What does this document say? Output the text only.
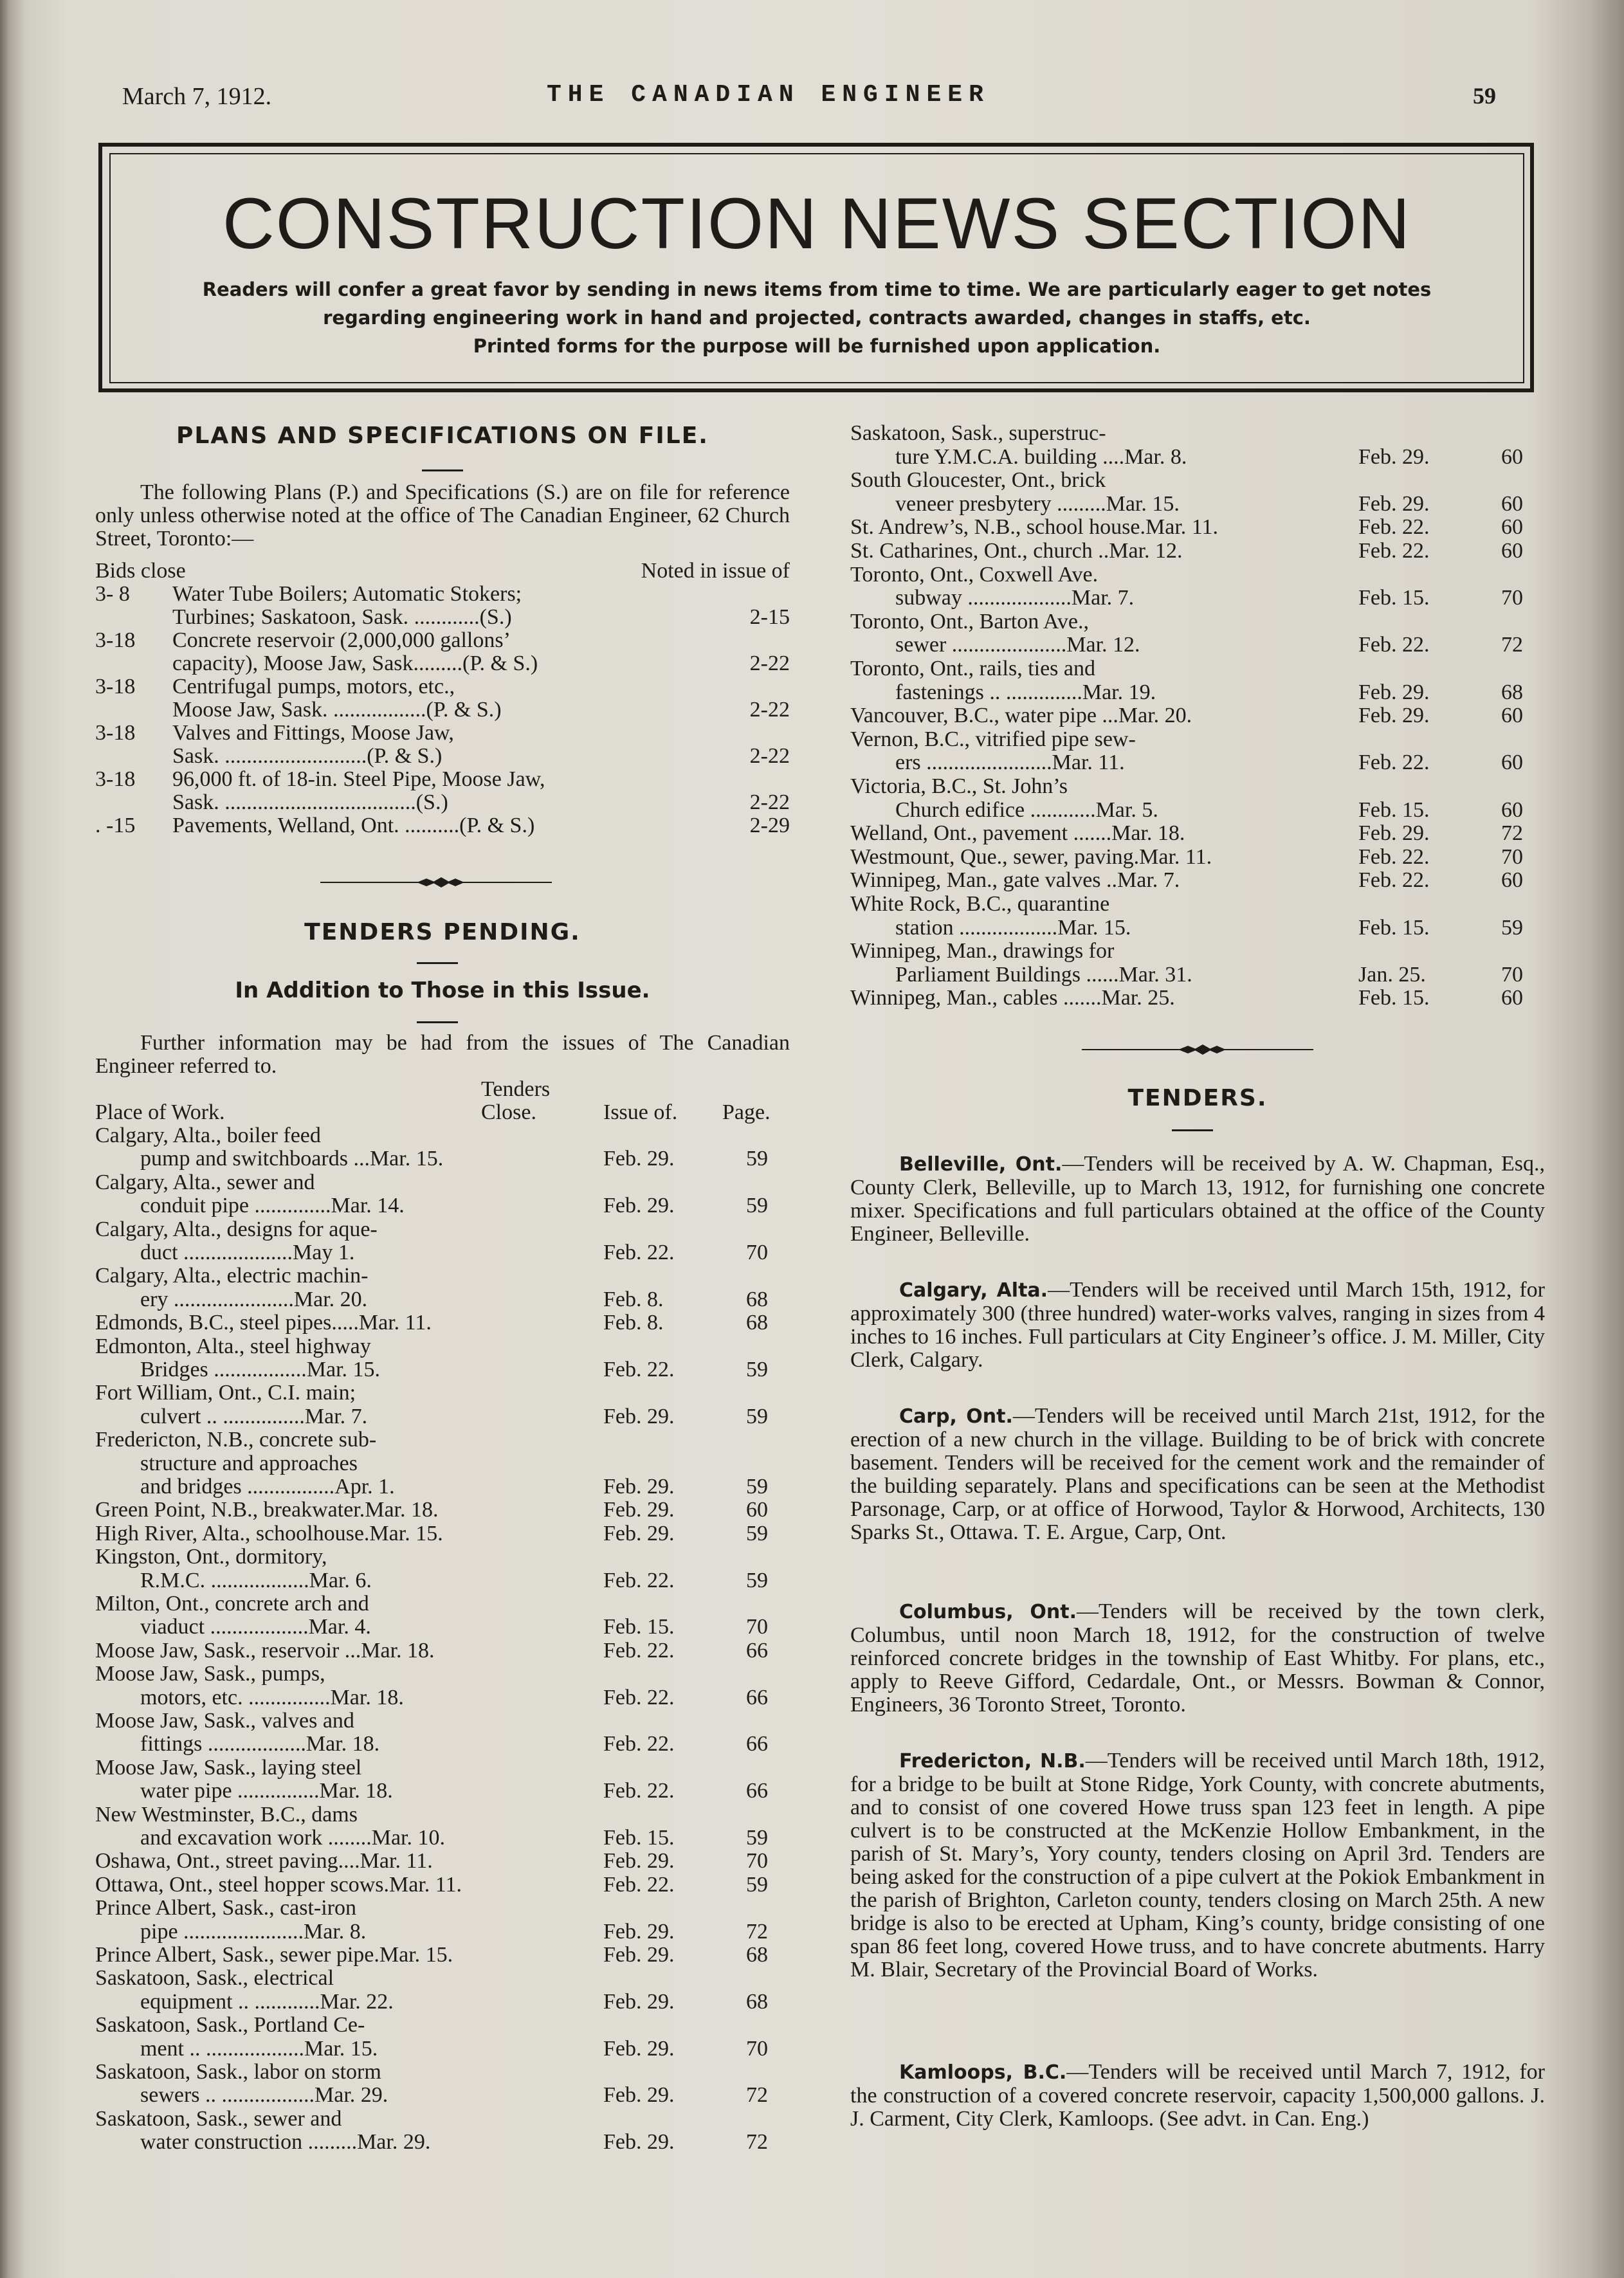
March 7, 1912.	THE CANADIAN ENGINEER	59
CONSTRUCTION NEWS SECTION
Readers will confer a great favor by sending in news items from time to time. We are particularly eager to get notes
regarding engineering work in hand and projected, contracts awarded, changes in staffs, etc.
Printed forms for the purpose will be furnished upon application.
PLANS AND SPECIFICATIONS ON FILE.
The following Plans (P.) and Specifications (S.) are on file for reference only unless otherwise noted at the office of The Canadian Engineer, 62 Church Street, Toronto:—
Bids close	Noted in issue of
3- 8 Water Tube Boilers; Automatic Stokers;
Turbines; Saskatoon, Sask. ............(S.)	2-15
3-18 Concrete reservoir (2,000,000 gallons’
capacity), Moose Jaw, Sask.........(P. & S.)	2-22
3-18 Centrifugal pumps, motors, etc.,
Moose Jaw, Sask. .................(P. & S.)	2-22
3-18 Valves and Fittings, Moose Jaw,
Sask. ..........................(P. & S.)	2-22
3-18 96,000 ft. of 18-in. Steel Pipe, Moose Jaw,
Sask. ...................................(S.)	2-22
. -15 Pavements, Welland, Ont. ..........(P. & S.)	2-29
TENDERS PENDING.
In Addition to Those in this Issue.
Further information may be had from the issues of The Canadian Engineer referred to.
Tenders
Place of Work.	Close.	Issue of. Page.
Calgary, Alta., boiler feed
pump and switchboards ...Mar. 15.	Feb. 29.	59
Calgary, Alta., sewer and
conduit pipe ..............Mar. 14.	Feb. 29.	59
Calgary, Alta., designs for aque-
duct ....................May 1.	Feb. 22.	70
Calgary, Alta., electric machin-
ery ......................Mar. 20.	Feb. 8.	68
Edmonds, B.C., steel pipes.....Mar. 11.	Feb. 8.	68
Edmonton, Alta., steel highway
Bridges .................Mar. 15.	Feb. 22.	59
Fort William, Ont., C.I. main;
culvert .. ...............Mar. 7.	Feb. 29.	59
Fredericton, N.B., concrete sub-
structure and approaches
and bridges ................Apr. 1.	Feb. 29.	59
Green Point, N.B., breakwater.Mar. 18.	Feb. 29.	60
High River, Alta., schoolhouse.Mar. 15.	Feb. 29.	59
Kingston, Ont., dormitory,
R.M.C. ..................Mar. 6.	Feb. 22.	59
Milton, Ont., concrete arch and
viaduct ..................Mar. 4.	Feb. 15.	70
Moose Jaw, Sask., reservoir ...Mar. 18.	Feb. 22.	66
Moose Jaw, Sask., pumps,
motors, etc. ...............Mar. 18.	Feb. 22.	66
Moose Jaw, Sask., valves and
fittings ..................Mar. 18.	Feb. 22.	66
Moose Jaw, Sask., laying steel
water pipe ...............Mar. 18.	Feb. 22.	66
New Westminster, B.C., dams
and excavation work ........Mar. 10.	Feb. 15.	59
Oshawa, Ont., street paving....Mar. 11.	Feb. 29.	70
Ottawa, Ont., steel hopper scows.Mar. 11.	Feb. 22.	59
Prince Albert, Sask., cast-iron
pipe ......................Mar. 8.	Feb. 29.	72
Prince Albert, Sask., sewer pipe.Mar. 15.	Feb. 29.	68
Saskatoon, Sask., electrical
equipment .. ............Mar. 22.	Feb. 29.	68
Saskatoon, Sask., Portland Ce-
ment .. ..................Mar. 15.	Feb. 29.	70
Saskatoon, Sask., labor on storm
sewers .. .................Mar. 29.	Feb. 29.	72
Saskatoon, Sask., sewer and
water construction .........Mar. 29.	Feb. 29.	72
Saskatoon, Sask., superstruc-
ture Y.M.C.A. building ....Mar. 8.	Feb. 29.	60
South Gloucester, Ont., brick
veneer presbytery .........Mar. 15.	Feb. 29.	60
St. Andrew’s, N.B., school house.Mar. 11.	Feb. 22.	60
St. Catharines, Ont., church ..Mar. 12.	Feb. 22.	60
Toronto, Ont., Coxwell Ave.
subway ...................Mar. 7.	Feb. 15.	70
Toronto, Ont., Barton Ave.,
sewer .....................Mar. 12.	Feb. 22.	72
Toronto, Ont., rails, ties and
fastenings .. ..............Mar. 19.	Feb. 29.	68
Vancouver, B.C., water pipe ...Mar. 20.	Feb. 29.	60
Vernon, B.C., vitrified pipe sew-
ers .......................Mar. 11.	Feb. 22.	60
Victoria, B.C., St. John’s
Church edifice ............Mar. 5.	Feb. 15.	60
Welland, Ont., pavement .......Mar. 18.	Feb. 29.	72
Westmount, Que., sewer, paving.Mar. 11.	Feb. 22.	70
Winnipeg, Man., gate valves ..Mar. 7.	Feb. 22.	60
White Rock, B.C., quarantine
station ..................Mar. 15.	Feb. 15.	59
Winnipeg, Man., drawings for
Parliament Buildings ......Mar. 31.	Jan. 25.	70
Winnipeg, Man., cables .......Mar. 25.	Feb. 15.	60
TENDERS.
Belleville, Ont.—Tenders will be received by A. W. Chapman, Esq., County Clerk, Belleville, up to March 13, 1912, for furnishing one concrete mixer. Specifications and full particulars obtained at the office of the County Engineer, Belleville.
Calgary, Alta.—Tenders will be received until March 15th, 1912, for approximately 300 (three hundred) water-works valves, ranging in sizes from 4 inches to 16 inches. Full particulars at City Engineer’s office. J. M. Miller, City Clerk, Calgary.
Carp, Ont.—Tenders will be received until March 21st, 1912, for the erection of a new church in the village. Building to be of brick with concrete basement. Tenders will be received for the cement work and the remainder of the building separately. Plans and specifications can be seen at the Methodist Parsonage, Carp, or at office of Horwood, Taylor & Horwood, Architects, 130 Sparks St., Ottawa. T. E. Argue, Carp, Ont.
Columbus, Ont.—Tenders will be received by the town clerk, Columbus, until noon March 18, 1912, for the construction of twelve reinforced concrete bridges in the township of East Whitby. For plans, etc., apply to Reeve Gifford, Cedardale, Ont., or Messrs. Bowman & Connor, Engineers, 36 Toronto Street, Toronto.
Fredericton, N.B.—Tenders will be received until March 18th, 1912, for a bridge to be built at Stone Ridge, York County, with concrete abutments, and to consist of one covered Howe truss span 123 feet in length. A pipe culvert is to be constructed at the McKenzie Hollow Embankment, in the parish of St. Mary’s, Yory county, tenders closing on April 3rd. Tenders are being asked for the construction of a pipe culvert at the Pokiok Embankment in the parish of Brighton, Carleton county, tenders closing on March 25th. A new bridge is also to be erected at Upham, King’s county, bridge consisting of one span 86 feet long, covered Howe truss, and to have concrete abutments. Harry M. Blair, Secretary of the Provincial Board of Works.
Kamloops, B.C.—Tenders will be received until March 7, 1912, for the construction of a covered concrete reservoir, capacity 1,500,000 gallons. J. J. Carment, City Clerk, Kamloops. (See advt. in Can. Eng.)
